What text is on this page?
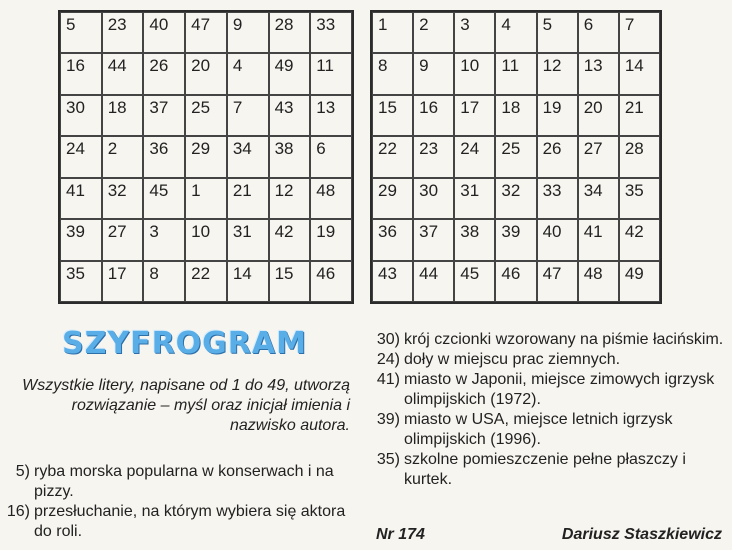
5	23	40	47	9	28	33
16	44	26	20	4	49	11
30	18	37	25	7	43	13
24	2	36	29	34	38	6
41	32	45	1	21	12	48
39	27	3	10	31	42	19
35	17	8	22	14	15	46
1	2	3	4	5	6	7
8	9	10	11	12	13	14
15	16	17	18	19	20	21
22	23	24	25	26	27	28
29	30	31	32	33	34	35
36	37	38	39	40	41	42
43	44	45	46	47	48	49
SZYFROGRAM
Wszystkie litery, napisane od 1 do 49, utworzą rozwiązanie – myśl oraz inicjał imienia i nazwisko autora.
5) ryba morska popularna w konserwach i na pizzy.
16) przesłuchanie, na którym wybiera się aktora do roli.
30) krój czcionki wzorowany na piśmie łacińskim.
24) doły w miejscu prac ziemnych.
41) miasto w Japonii, miejsce zimowych igrzysk olimpijskich (1972).
39) miasto w USA, miejsce letnich igrzysk olimpijskich (1996).
35) szkolne pomieszczenie pełne płaszczy i kurtek.
Nr 174	Dariusz Staszkiewicz
